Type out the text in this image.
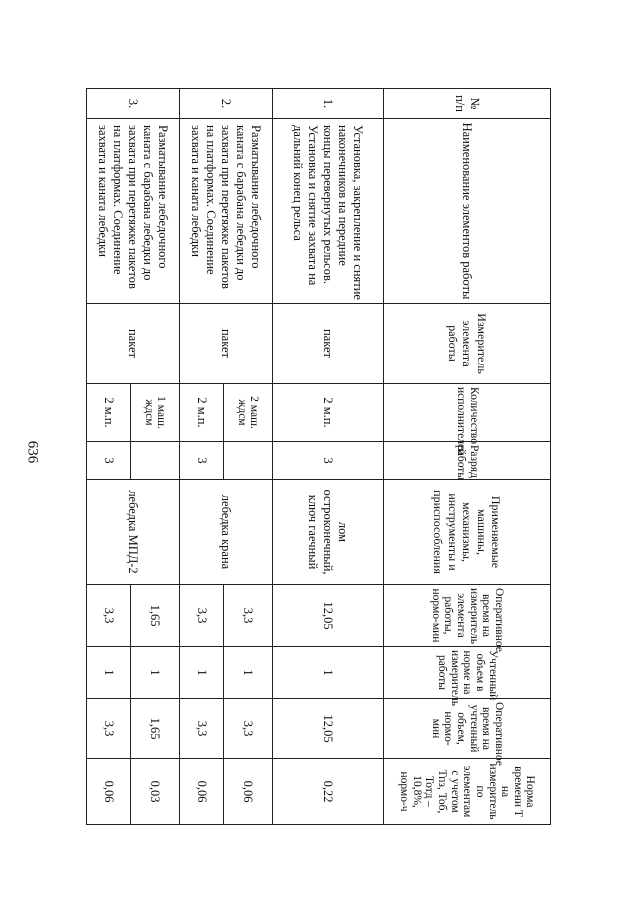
636
№
п/п	Наименование элементов работы	Измеритель элемента работы	Количество исполнителей	Разряд работы	Применяемые машины, механизмы, инструменты и приспособления	Оперативное время на измеритель элемента работы, нормо-мин	Учтенный объем в норме на измеритель работы	Оперативное время на учтенный объем, нормо-мин	Норма времени Т на измеритель по элементам с учетом Тпз, Тоб, Тотд – 10,8%, нормо-ч
1.	Установка, закрепление и снятие наконечников на передние концы перевернутых рельсов. Установка и снятие захвата на дальний конец рельса	пакет	2 м.п.	3	лом остроконечный, ключ гаечный	12,05	1	12,05	0,22
2.	Разматывание лебедочного каната с барабана лебедки до захвата при перетяжке пакетов на платформах. Соединение захвата и каната лебедки	пакет	2 маш. ждсм		лебедка крана	3,3	1	3,3	0,06
			2 м.п.	3		3,3	1	3,3	0,06
3.	Разматывание лебедочного каната с барабана лебедки до захвата при перетяжке пакетов на платформах. Соединение захвата и каната лебедки	пакет	1 маш. ждсм		лебедка МПД-2	1,65	1	1,65	0,03
			2 м.п.	3		3,3	1	3,3	0,06
